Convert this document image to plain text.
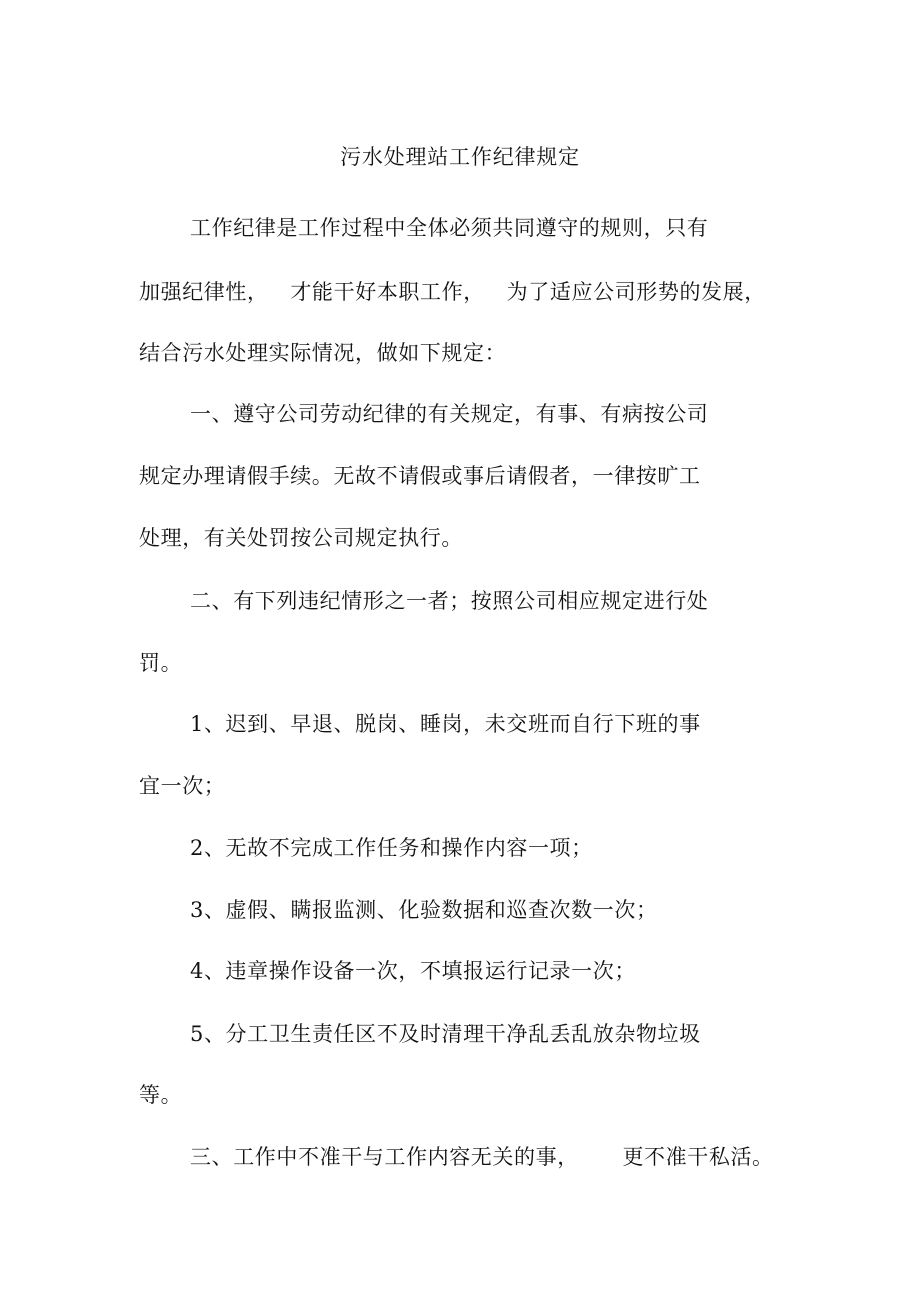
污水处理站工作纪律规定
工作纪律是工作过程中全体必须共同遵守的规则，只有
加强纪律性，   才能干好本职工作，   为了适应公司形势的发展，
结合污水处理实际情况，做如下规定：
一、遵守公司劳动纪律的有关规定，有事、有病按公司
规定办理请假手续。无故不请假或事后请假者，一律按旷工
处理，有关处罚按公司规定执行。
二、有下列违纪情形之一者；按照公司相应规定进行处
罚。
1、迟到、早退、脱岗、睡岗，未交班而自行下班的事
宜一次；
2、无故不完成工作任务和操作内容一项；
3、虚假、瞒报监测、化验数据和巡查次数一次；
4、违章操作设备一次，不填报运行记录一次；
5、分工卫生责任区不及时清理干净乱丢乱放杂物垃圾
等。
三、工作中不准干与工作内容无关的事，      更不准干私活。
